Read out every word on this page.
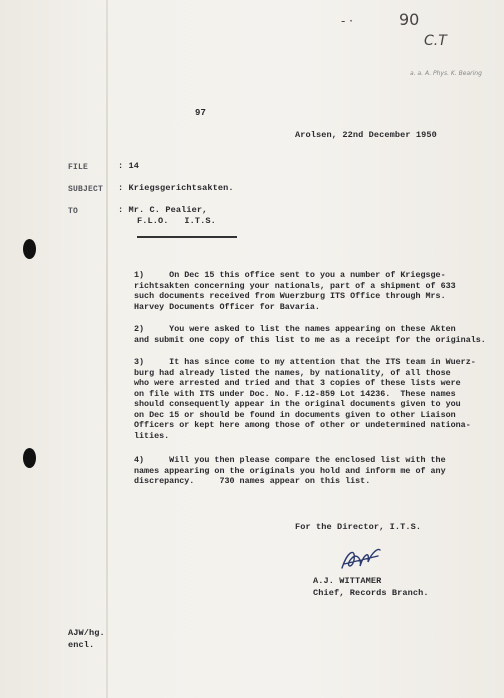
- ·	90
C.T
a. a. A. Phys. K. Bearing
97
Arolsen, 22nd December 1950
FILE	: 14
SUBJECT : Kriegsgerichtsakten.
TO	: Mr. C. Pealier,
F.L.O.   I.T.S.
1)     On Dec 15 this office sent to you a number of Kriegsge-
richtsakten concerning your nationals, part of a shipment of 633
such documents received from Wuerzburg ITS Office through Mrs.
Harvey Documents Officer for Bavaria.
2)     You were asked to list the names appearing on these Akten
and submit one copy of this list to me as a receipt for the originals.
3)     It has since come to my attention that the ITS team in Wuerz-
burg had already listed the names, by nationality, of all those
who were arrested and tried and that 3 copies of these lists were
on file with ITS under Doc. No. F.12-859 Lot 14236.  These names
should consequently appear in the original documents given to you
on Dec 15 or should be found in documents given to other Liaison
Officers or kept here among those of other or undetermined nationa-
lities.
4)     Will you then please compare the enclosed list with the
names appearing on the originals you hold and inform me of any
discrepancy.     730 names appear on this list.
For the Director, I.T.S.
A.J. WITTAMER
Chief, Records Branch.
AJW/hg.
encl.
